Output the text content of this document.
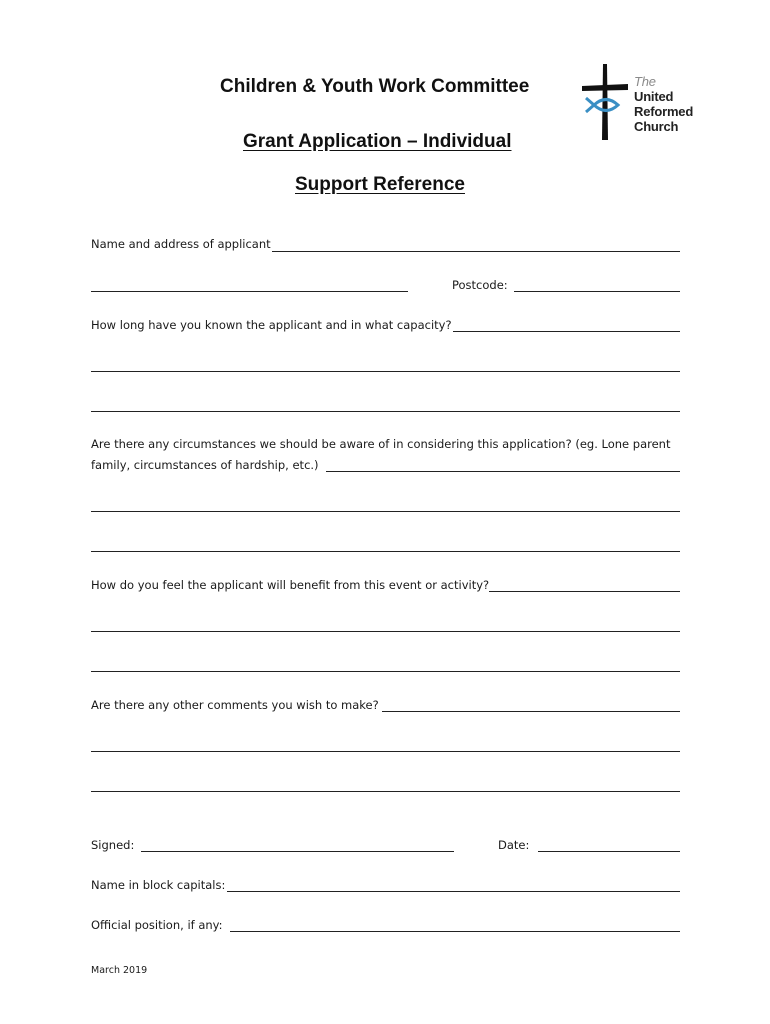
Children & Youth Work Committee
Grant Application – Individual
Support Reference
The
United
Reformed
Church
Name and address of applicant
Postcode:
How long have you known the applicant and in what capacity?
Are there any circumstances we should be aware of in considering this application? (eg. Lone parent
family, circumstances of hardship, etc.)
How do you feel the applicant will benefit from this event or activity?
Are there any other comments you wish to make?
Signed:	Date:
Name in block capitals:
Official position, if any:
March 2019
